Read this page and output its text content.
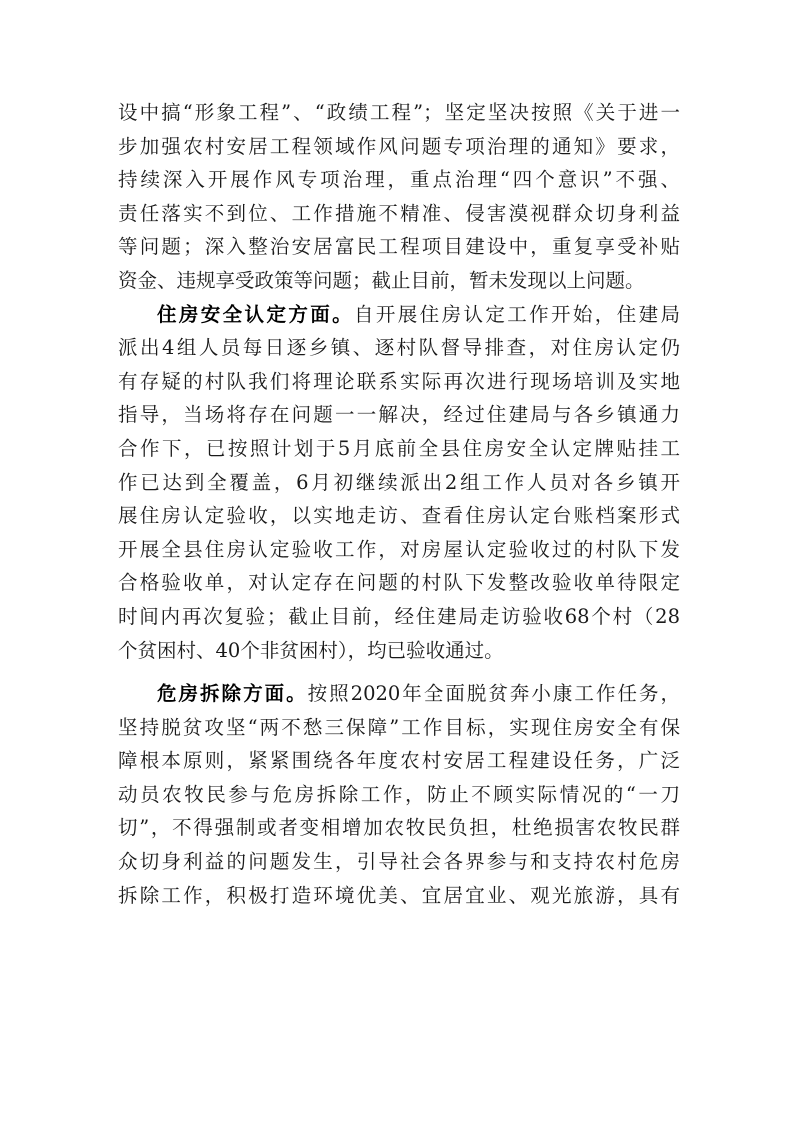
设中搞“形象工程”、“政绩工程”；坚定坚决按照《关于进一
步加强农村安居工程领域作风问题专项治理的通知》要求，
持续深入开展作风专项治理，重点治理“四个意识”不强、
责任落实不到位、工作措施不精准、侵害漠视群众切身利益
等问题；深入整治安居富民工程项目建设中，重复享受补贴
资金、违规享受政策等问题；截止目前，暂未发现以上问题。
住房安全认定方面。自开展住房认定工作开始，住建局
派出4组人员每日逐乡镇、逐村队督导排查，对住房认定仍
有存疑的村队我们将理论联系实际再次进行现场培训及实地
指导，当场将存在问题一一解决，经过住建局与各乡镇通力
合作下，已按照计划于5月底前全县住房安全认定牌贴挂工
作已达到全覆盖，6月初继续派出2组工作人员对各乡镇开
展住房认定验收，以实地走访、查看住房认定台账档案形式
开展全县住房认定验收工作，对房屋认定验收过的村队下发
合格验收单，对认定存在问题的村队下发整改验收单待限定
时间内再次复验；截止目前，经住建局走访验收68个村（28
个贫困村、40个非贫困村），均已验收通过。
危房拆除方面。按照2020年全面脱贫奔小康工作任务，
坚持脱贫攻坚“两不愁三保障”工作目标，实现住房安全有保
障根本原则，紧紧围绕各年度农村安居工程建设任务，广泛
动员农牧民参与危房拆除工作，防止不顾实际情况的“一刀
切”，不得强制或者变相增加农牧民负担，杜绝损害农牧民群
众切身利益的问题发生，引导社会各界参与和支持农村危房
拆除工作，积极打造环境优美、宜居宜业、观光旅游，具有
